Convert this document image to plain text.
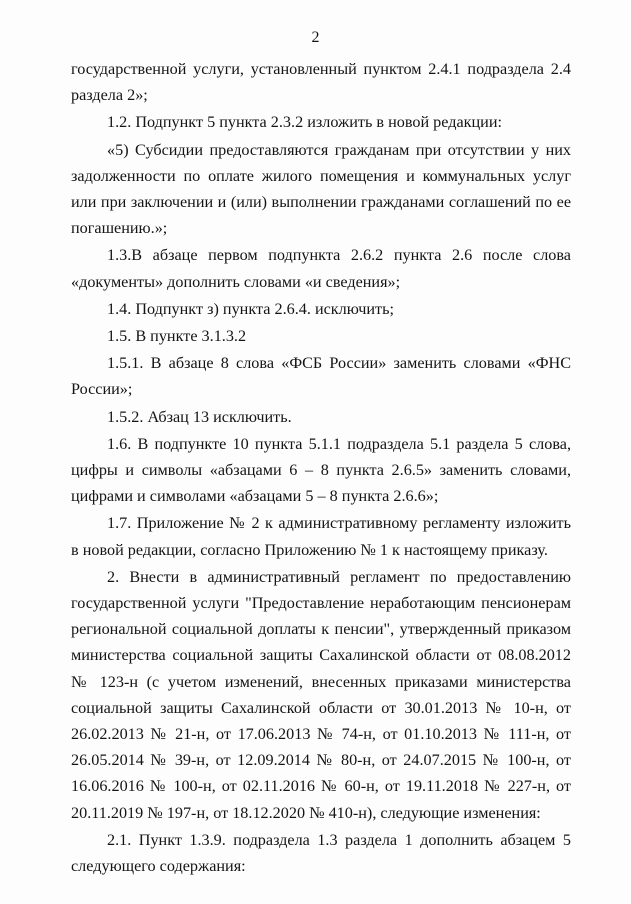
2

государственной услуги, установленный пунктом 2.4.1 подраздела 2.4 раздела 2»;

1.2. Подпункт 5 пункта 2.3.2 изложить в новой редакции:

«5) Субсидии предоставляются гражданам при отсутствии у них задолженности по оплате жилого помещения и коммунальных услуг или при заключении и (или) выполнении гражданами соглашений по ее погашению.»;

1.3.В абзаце первом подпункта 2.6.2 пункта 2.6 после слова «документы» дополнить словами «и сведения»;

1.4. Подпункт з) пункта 2.6.4. исключить;

1.5. В пункте 3.1.3.2

1.5.1. В абзаце 8 слова «ФСБ России» заменить словами «ФНС России»;

1.5.2. Абзац 13 исключить.

1.6. В подпункте 10 пункта 5.1.1 подраздела 5.1 раздела 5 слова, цифры и символы «абзацами 6 – 8 пункта 2.6.5» заменить словами, цифрами и символами «абзацами 5 – 8 пункта 2.6.6»;

1.7. Приложение № 2 к административному регламенту изложить в новой редакции, согласно Приложению № 1 к настоящему приказу.

2. Внести в административный регламент по предоставлению государственной услуги "Предоставление неработающим пенсионерам региональной социальной доплаты к пенсии", утвержденный приказом министерства социальной защиты Сахалинской области от 08.08.2012 № 123-н (с учетом изменений, внесенных приказами министерства социальной защиты Сахалинской области от 30.01.2013 № 10-н, от 26.02.2013 № 21-н, от 17.06.2013 № 74-н, от 01.10.2013 № 111-н, от 26.05.2014 № 39-н, от 12.09.2014 № 80-н, от 24.07.2015 № 100-н, от 16.06.2016 № 100-н, от 02.11.2016 № 60-н, от 19.11.2018 № 227-н, от 20.11.2019 № 197-н, от 18.12.2020 № 410-н), следующие изменения:

2.1. Пункт 1.3.9. подраздела 1.3 раздела 1 дополнить абзацем 5 следующего содержания:
